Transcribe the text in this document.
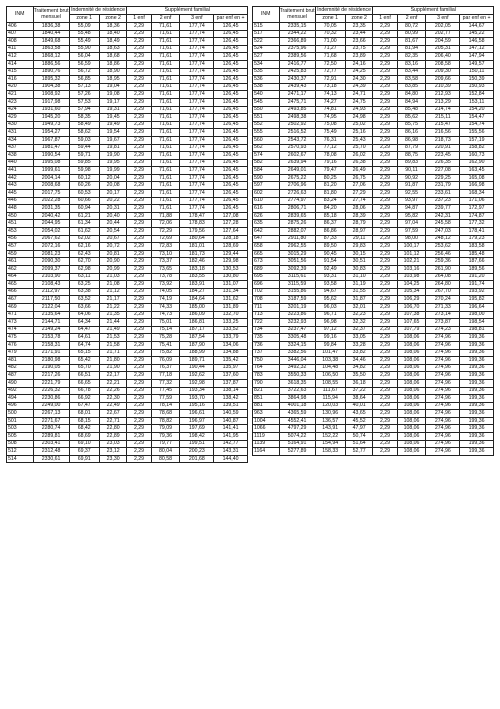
INM	Traitement brut mensuel	Indemnité de résidence		Supplément familial			
		zone 1	zone 2	1 enf	2 enf	3 enf	par enf en +

406	1836,38	55,09	18,36	2,29	71,61	177,74	126,45
407	1840,44	55,48	18,40	2,29	71,61	177,74	126,45
408	1849,68	55,49	18,49	2,29	71,61	177,74	126,45
411	1863,58	55,90	18,63	2,29	71,61	177,74	126,45
412	1868,12	56,04	18,68	2,29	71,61	177,74	126,45
414	1886,56	56,59	18,86	2,29	71,61	177,74	126,45
415	1890,76	56,72	18,90	2,29	71,61	177,74	126,45
416	1895,32	56,85	18,95	2,29	71,61	177,74	126,45
420	1904,38	57,13	19,04	2,29	71,61	177,74	126,45
421	1908,92	57,26	19,08	2,29	71,61	177,74	126,45
423	1917,98	57,53	19,17	2,29	71,61	177,74	126,45
424	1931,60	57,94	19,31	2,29	71,61	177,74	126,45
429	1945,20	58,35	19,45	2,29	71,61	177,74	126,45
430	1949,73	58,49	19,49	2,29	71,61	177,74	126,45
431	1954,27	58,62	19,54	2,29	71,61	177,74	126,45
434	1967,87	59,03	19,67	2,29	71,61	177,74	126,45
437	1981,47	59,44	19,81	2,29	71,61	177,74	126,45
438	1990,54	59,71	19,90	2,29	71,61	177,74	126,45
440	1995,08	59,85	19,95	2,29	71,61	177,74	126,45
441	1999,61	59,98	19,99	2,29	71,61	177,74	126,45
442	2004,14	60,12	20,04	2,29	71,61	177,74	126,45
443	2008,68	60,26	20,08	2,29	71,61	177,74	126,45
445	2017,75	60,53	20,17	2,29	71,61	177,74	126,45
446	2022,28	60,66	20,22	2,29	71,61	177,74	126,45
448	2031,35	60,94	20,31	2,29	71,61	177,74	126,45
450	2040,42	61,21	20,40	2,29	71,88	178,47	127,08
451	2044,95	61,34	20,44	2,29	72,06	178,83	127,28
453	2054,02	61,62	20,54	2,29	72,29	179,56	127,64
456	2067,62	62,02	20,67	2,29	72,69	180,64	128,18
457	2072,16	62,16	20,72	2,29	72,83	181,01	128,69
459	2081,23	62,43	20,81	2,29	73,10	181,73	129,44
461	2090,30	62,70	20,90	2,29	73,37	182,46	129,98
462	2099,37	62,98	20,99	2,29	73,65	183,18	130,53
464	2103,90	63,11	21,03	2,29	73,78	183,55	130,80
465	2108,43	63,25	21,08	2,29	73,92	183,91	131,07
466	2112,97	63,38	21,12	2,29	74,05	184,27	131,34
467	2117,50	63,52	21,17	2,29	74,19	184,64	131,62
469	2122,04	63,66	21,22	2,29	74,33	185,00	131,89
471	2135,64	64,06	21,35	2,29	74,73	186,09	132,70
473	2144,71	64,34	21,44	2,29	75,01	186,81	133,25
474	2149,24	64,47	21,49	2,29	75,14	187,17	133,52
475	2153,78	64,61	21,53	2,29	75,28	187,54	133,79
476	2158,31	64,74	21,58	2,29	75,41	187,90	134,06
479	2171,91	65,15	21,71	2,29	75,82	188,99	134,88
481	2180,98	65,42	21,80	2,29	76,09	189,71	135,42
482	2190,05	65,70	21,90	2,29	76,37	190,44	135,97
487	2217,26	66,51	22,17	2,29	77,18	192,62	137,60
490	2221,79	66,65	22,21	2,29	77,32	192,98	137,87
492	2226,32	66,78	22,26	2,29	77,45	193,34	138,14
494	2230,86	66,92	22,30	2,29	77,59	193,70	138,42
496	2249,00	67,47	22,49	2,29	78,14	195,16	139,51
500	2267,13	68,01	22,67	2,29	78,68	196,61	140,59
501	2271,67	68,15	22,71	2,29	78,82	196,97	140,87
503	2280,74	68,42	22,80	2,29	79,09	197,69	141,41
505	2289,81	68,69	22,89	2,29	79,36	198,42	141,95
508	2303,41	69,10	23,03	2,29	79,77	199,51	142,77
512	2312,48	69,37	23,12	2,29	80,04	200,23	143,31
514	2330,61	69,91	23,30	2,29	80,58	201,68	144,40
INM	Traitement brut mensuel	Indemnité de résidence		Supplément familial			
		zone 1	zone 2	1 enf	2 enf	3 enf	par enf en +

515	2335,15	70,05	23,35	2,29	80,72	202,05	144,67
517	2344,22	70,32	23,44	2,29	80,99	202,77	145,22
522	2366,89	71,00	23,66	2,29	81,67	204,59	146,58
524	2375,96	71,27	23,75	2,29	81,94	205,31	147,12
527	2389,56	71,68	23,89	2,29	82,35	206,40	147,94
534	2416,77	72,50	24,16	2,29	83,16	208,58	149,57
535	2425,83	72,77	24,25	2,29	83,44	209,30	150,11
536	2430,37	72,91	24,30	2,29	83,58	209,66	150,39
538	2439,43	73,18	24,39	2,29	83,85	210,39	150,93
540	2471,17	74,13	24,71	2,29	84,80	212,93	152,84
545	2475,71	74,27	24,75	2,29	84,94	213,29	153,11
550	2493,85	74,81	24,93	2,29	85,48	214,74	154,20
551	2498,38	74,95	24,98	2,29	85,62	215,11	154,47
552	2502,92	75,08	25,02	2,29	85,75	215,47	154,74
555	2516,52	75,49	25,16	2,29	86,16	216,56	155,56
560	2543,72	76,31	25,43	2,29	86,98	218,73	157,19
562	2570,93	77,12	25,70	2,29	87,79	220,91	158,82
574	2602,67	78,08	26,02	2,29	88,75	223,45	160,73
582	2639,94	79,16	26,38	2,29	89,83	226,35	162,90
584	2649,01	79,47	26,49	2,29	90,11	227,08	163,45
590	2675,22	80,25	26,75	2,29	90,92	229,25	165,08
597	2706,96	81,20	27,06	2,29	91,87	231,79	166,98
602	2726,63	81,80	27,29	2,29	92,55	233,61	168,34
610	2774,97	83,24	27,74	2,29	93,97	237,23	171,06
616	2806,71	84,20	28,06	2,29	94,87	239,77	172,97
626	2839,65	85,18	28,39	2,29	95,82	242,31	174,87
635	2875,26	86,37	28,79	2,29	97,04	245,58	177,32
642	2882,07	86,86	28,97	2,29	97,59	247,03	178,41
647	2911,80	87,33	29,11	2,29	98,00	248,12	179,23
658	2962,55	89,50	29,83	2,29	100,17	253,62	183,58
665	3015,29	90,45	30,15	2,29	101,12	256,46	185,48
673	3051,56	91,54	30,51	2,29	102,21	259,36	187,66
689	3092,39	92,49	30,83	2,29	103,16	261,90	189,56
695	3115,61	93,31	31,10	2,29	103,98	264,08	191,20
696	3115,59	93,58	31,19	2,29	104,25	264,80	191,74
702	3155,86	94,67	31,55	2,29	105,34	267,70	193,92
708	3187,59	95,62	31,87	2,29	106,29	270,24	195,82
711	3201,19	96,03	32,01	2,29	106,70	271,33	196,64
713	3223,86	96,71	32,23	2,29	107,38	273,14	198,00
722	3232,93	96,98	32,32	2,29	107,65	273,87	198,54
734	3237,47	97,12	32,37	2,29	107,79	274,23	198,81
735	3305,48	99,16	33,05	2,29	108,06	274,96	199,36
736	3324,15	99,84	33,28	2,29	108,06	274,96	199,36
737	3382,56	101,47	33,82	2,29	108,06	274,96	199,36
750	3446,04	103,38	34,46	2,29	108,06	274,96	199,36
764	3492,32	104,48	34,82	2,29	108,06	274,96	199,36
783	3550,33	106,50	35,50	2,29	108,06	274,96	199,36
790	3618,35	108,55	36,18	2,29	108,06	274,96	199,36
821	3722,63	111,67	37,22	2,29	108,06	274,96	199,36
851	3864,98	115,94	38,64	2,29	108,06	274,96	199,36
881	4001,18	120,03	40,01	2,29	108,06	274,96	199,36
963	4365,59	130,96	43,65	2,29	108,06	274,96	199,36
1004	4552,41	136,57	45,52	2,29	108,06	274,96	199,36
1066	4797,29	143,91	47,97	2,29	108,06	274,96	199,36
1119	5074,22	152,22	50,74	2,29	108,06	274,96	199,36
1139	5164,91	154,94	51,64	2,29	108,06	274,96	199,36
1164	5277,89	158,33	52,77	2,29	108,06	274,96	199,36
